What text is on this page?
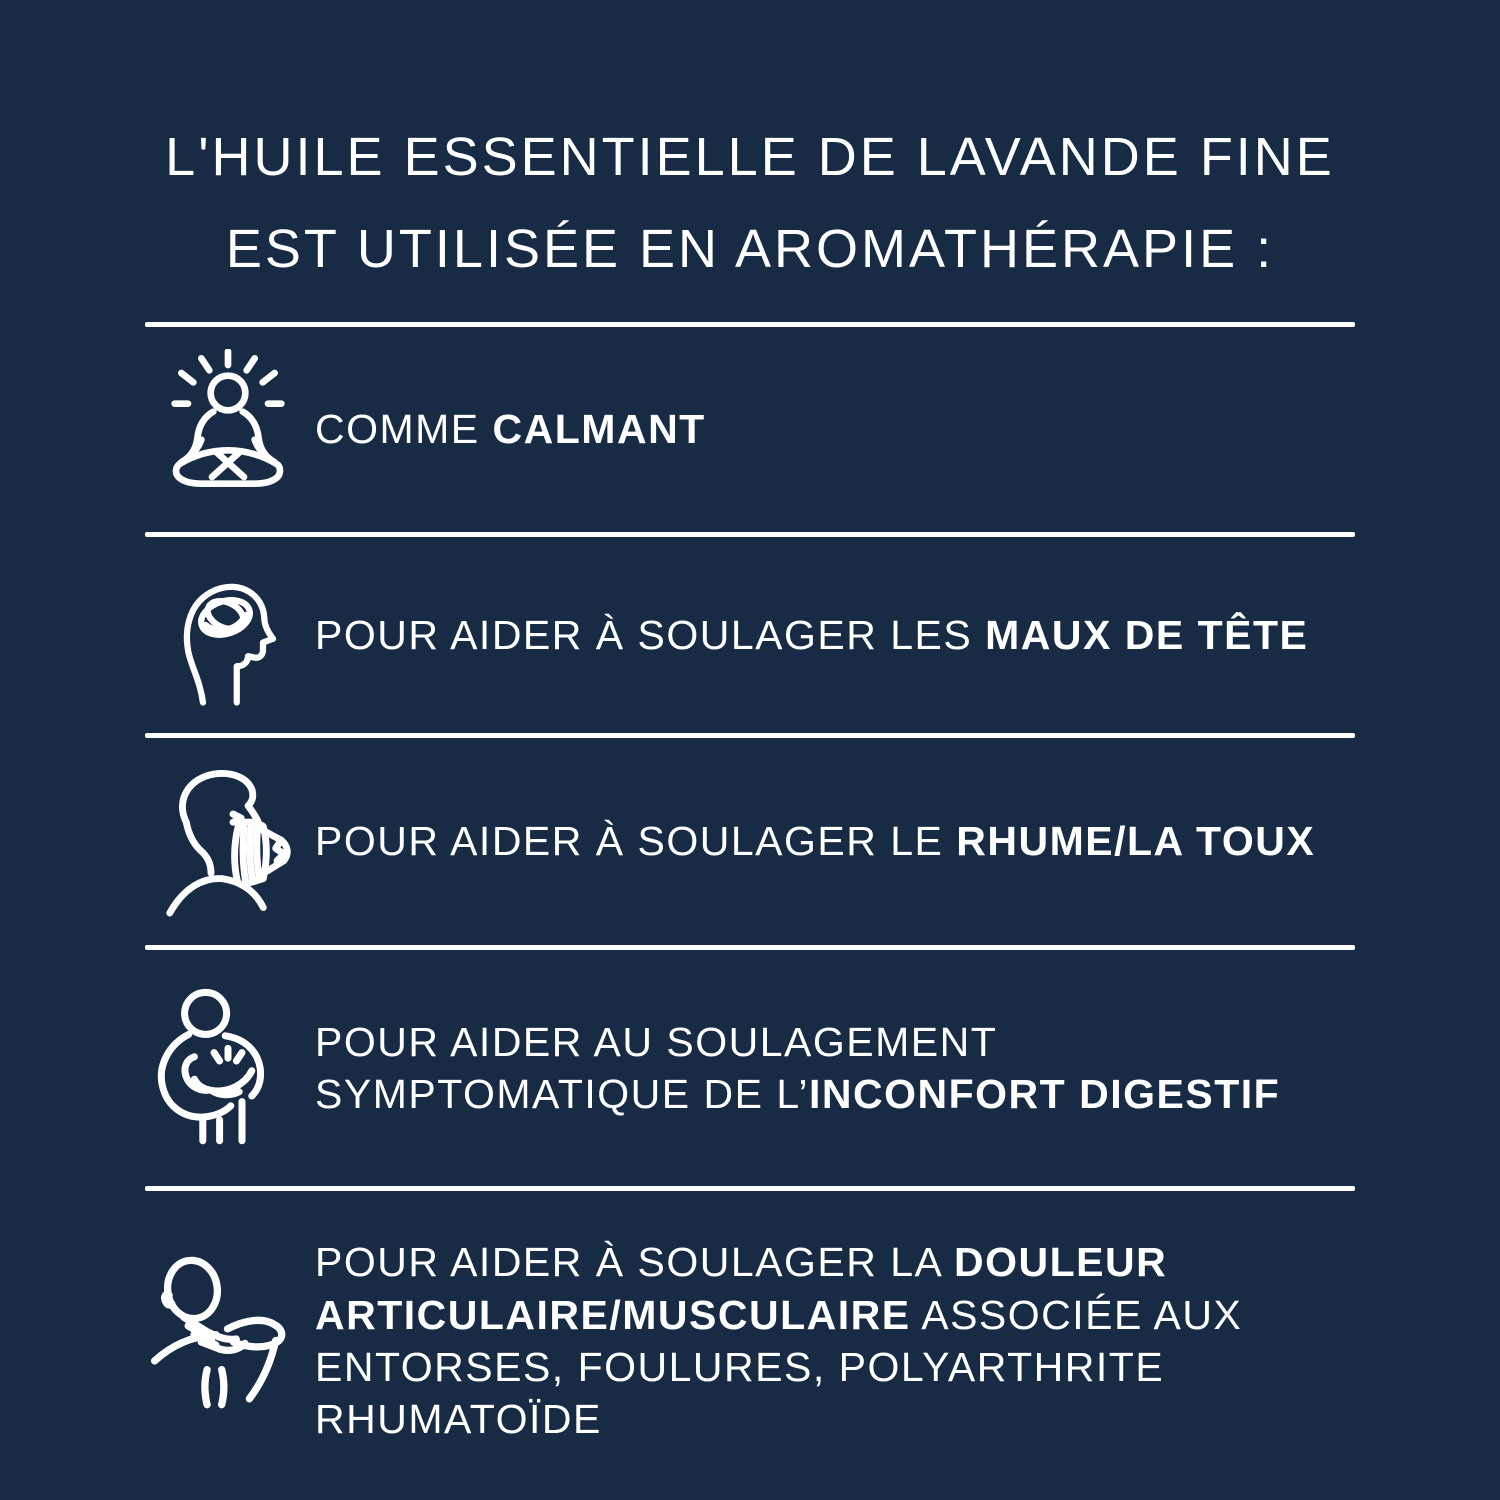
L'HUILE ESSENTIELLE DE LAVANDE FINE
EST UTILISÉE EN AROMATHÉRAPIE :

COMME CALMANT

POUR AIDER À SOULAGER LES MAUX DE TÊTE

POUR AIDER À SOULAGER LE RHUME/LA TOUX

POUR AIDER AU SOULAGEMENT
SYMPTOMATIQUE DE L’INCONFORT DIGESTIF

POUR AIDER À SOULAGER LA DOULEUR
ARTICULAIRE/MUSCULAIRE ASSOCIÉE AUX
ENTORSES, FOULURES, POLYARTHRITE
RHUMATOÏDE
